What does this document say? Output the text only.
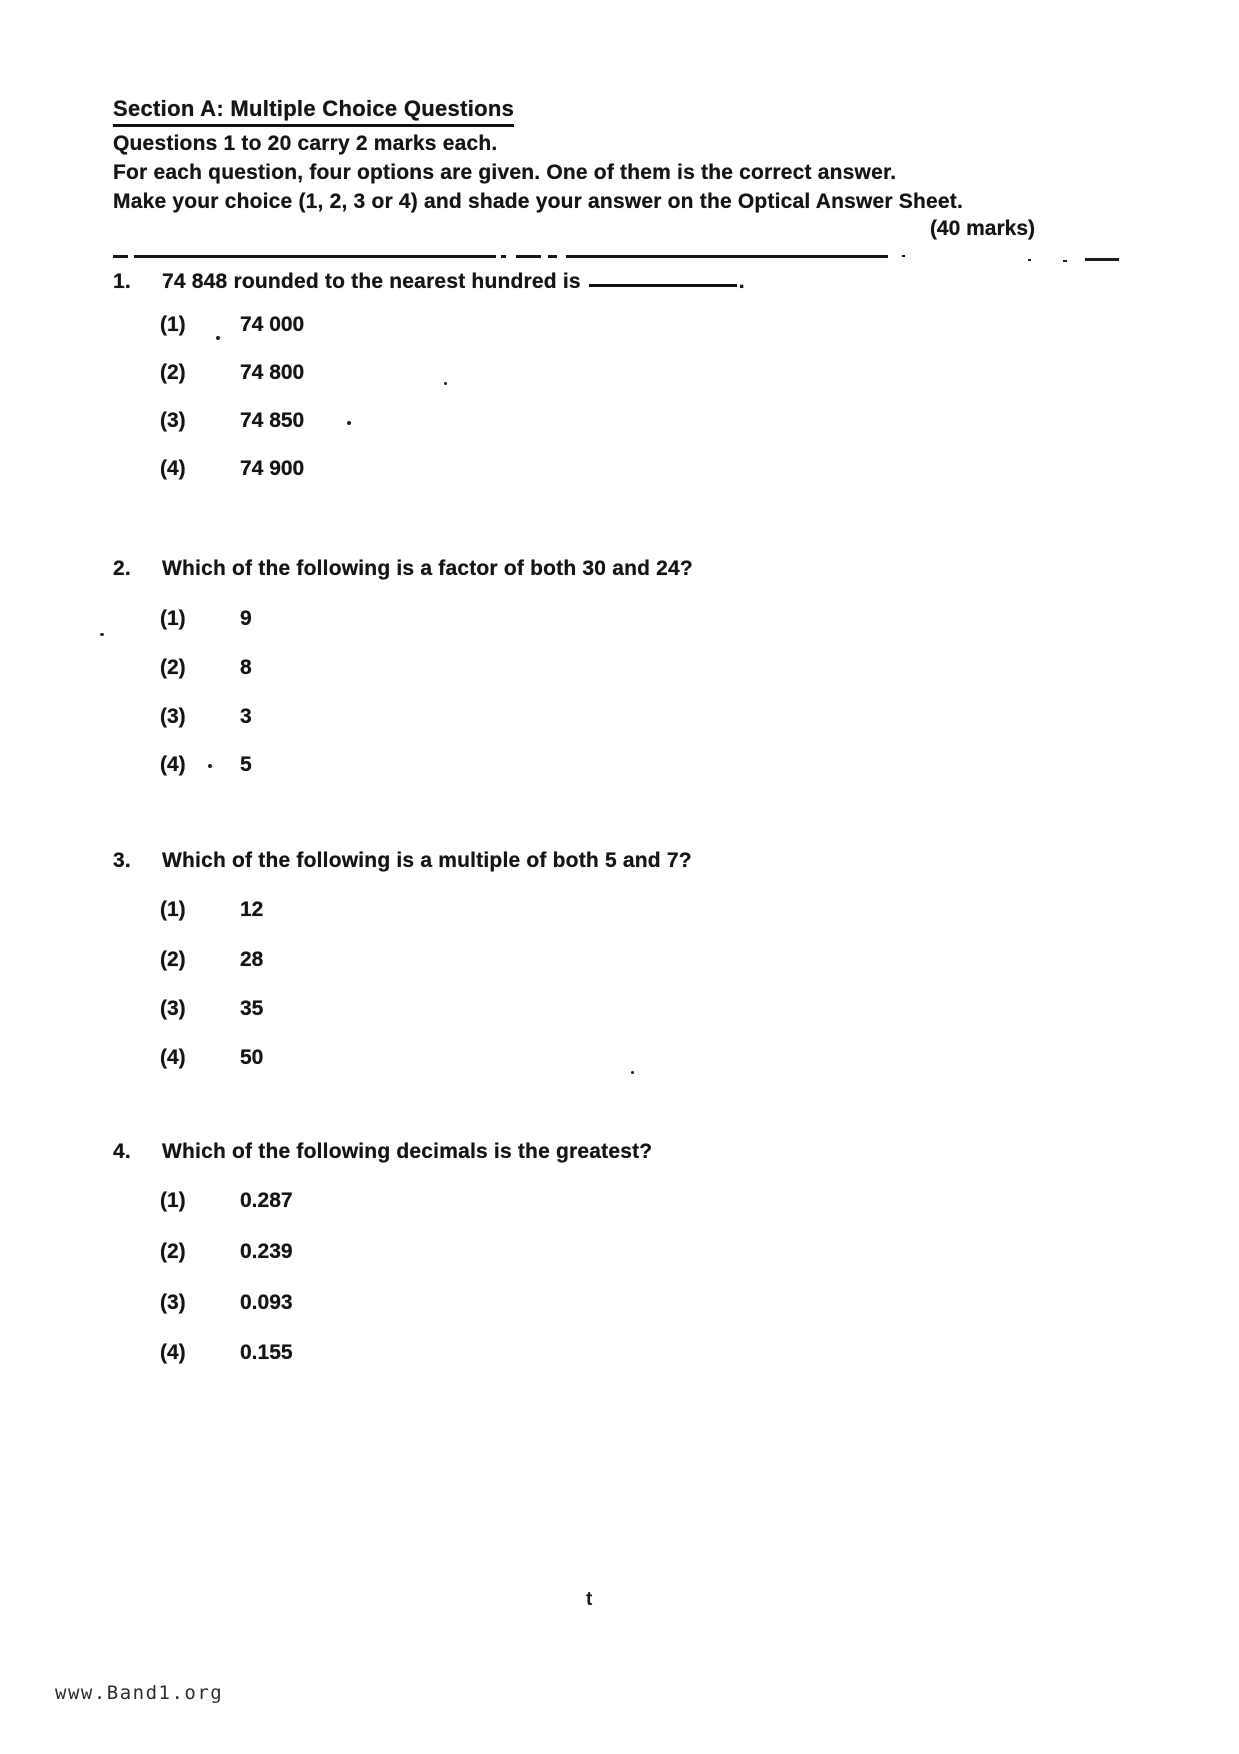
Section A: Multiple Choice Questions
Questions 1 to 20 carry 2 marks each.
For each question, four options are given. One of them is the correct answer.
Make your choice (1, 2, 3 or 4) and shade your answer on the Optical Answer Sheet.
(40 marks)
1.	74 848 rounded to the nearest hundred is	.
(1)	74 000
(2)	74 800
(3)	74 850
(4)	74 900
2.	Which of the following is a factor of both 30 and 24?
(1)	9
(2)	8
(3)	3
(4)	5
3.	Which of the following is a multiple of both 5 and 7?
(1)	12
(2)	28
(3)	35
(4)	50
4.	Which of the following decimals is the greatest?
(1)	0.287
(2)	0.239
(3)	0.093
(4)	0.155
t
www.Band1.org
